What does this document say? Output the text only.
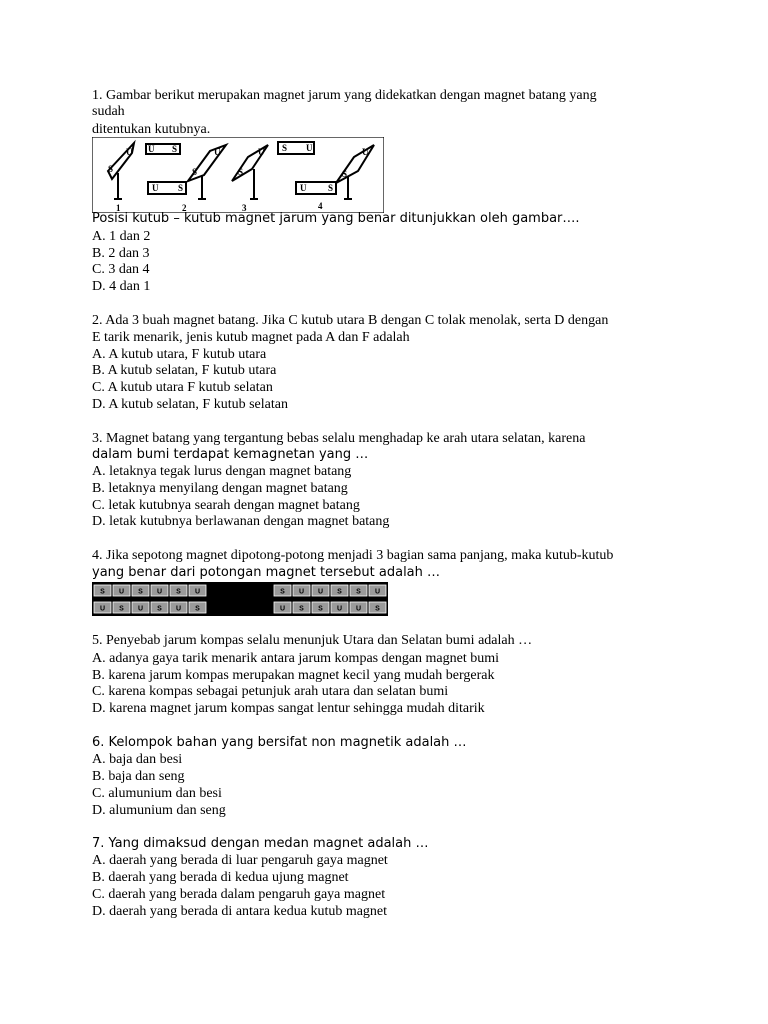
1. Gambar berikut merupakan magnet jarum yang didekatkan dengan magnet batang yang
sudah
ditentukan kutubnya.
U S
U S
S U
U S
S
U
S
U
S
U
S
U
1	2	3	4
Posisi kutub – kutub magnet jarum yang benar ditunjukkan oleh gambar….
A. 1 dan 2
B. 2 dan 3
C. 3 dan 4
D. 4 dan 1
2. Ada 3 buah magnet batang. Jika C kutub utara B dengan C tolak menolak, serta D dengan
E tarik menarik, jenis kutub magnet pada A dan F adalah
A. A kutub utara, F kutub utara
B. A kutub selatan, F kutub utara
C. A kutub utara F kutub selatan
D. A kutub selatan, F kutub selatan
3. Magnet batang yang tergantung bebas selalu menghadap ke arah utara selatan, karena
dalam bumi terdapat kemagnetan yang …
A. letaknya tegak lurus dengan magnet batang
B. letaknya menyilang dengan magnet batang
C. letak kutubnya searah dengan magnet batang
D. letak kutubnya berlawanan dengan magnet batang
4. Jika sepotong magnet dipotong-potong menjadi 3 bagian sama panjang, maka kutub-kutub
yang benar dari potongan magnet tersebut adalah …
S U S U S U
U S U S U S
S U U S S U
U S S U U S
5. Penyebab jarum kompas selalu menunjuk Utara dan Selatan bumi adalah …
A. adanya gaya tarik menarik antara jarum kompas dengan magnet bumi
B. karena jarum kompas merupakan magnet kecil yang mudah bergerak
C. karena kompas sebagai petunjuk arah utara dan selatan bumi
D. karena magnet jarum kompas sangat lentur sehingga mudah ditarik
6. Kelompok bahan yang bersifat non magnetik adalah …
A. baja dan besi
B. baja dan seng
C. alumunium dan besi
D. alumunium dan seng
7. Yang dimaksud dengan medan magnet adalah …
A. daerah yang berada di luar pengaruh gaya magnet
B. daerah yang berada di kedua ujung magnet
C. daerah yang berada dalam pengaruh gaya magnet
D. daerah yang berada di antara kedua kutub magnet
